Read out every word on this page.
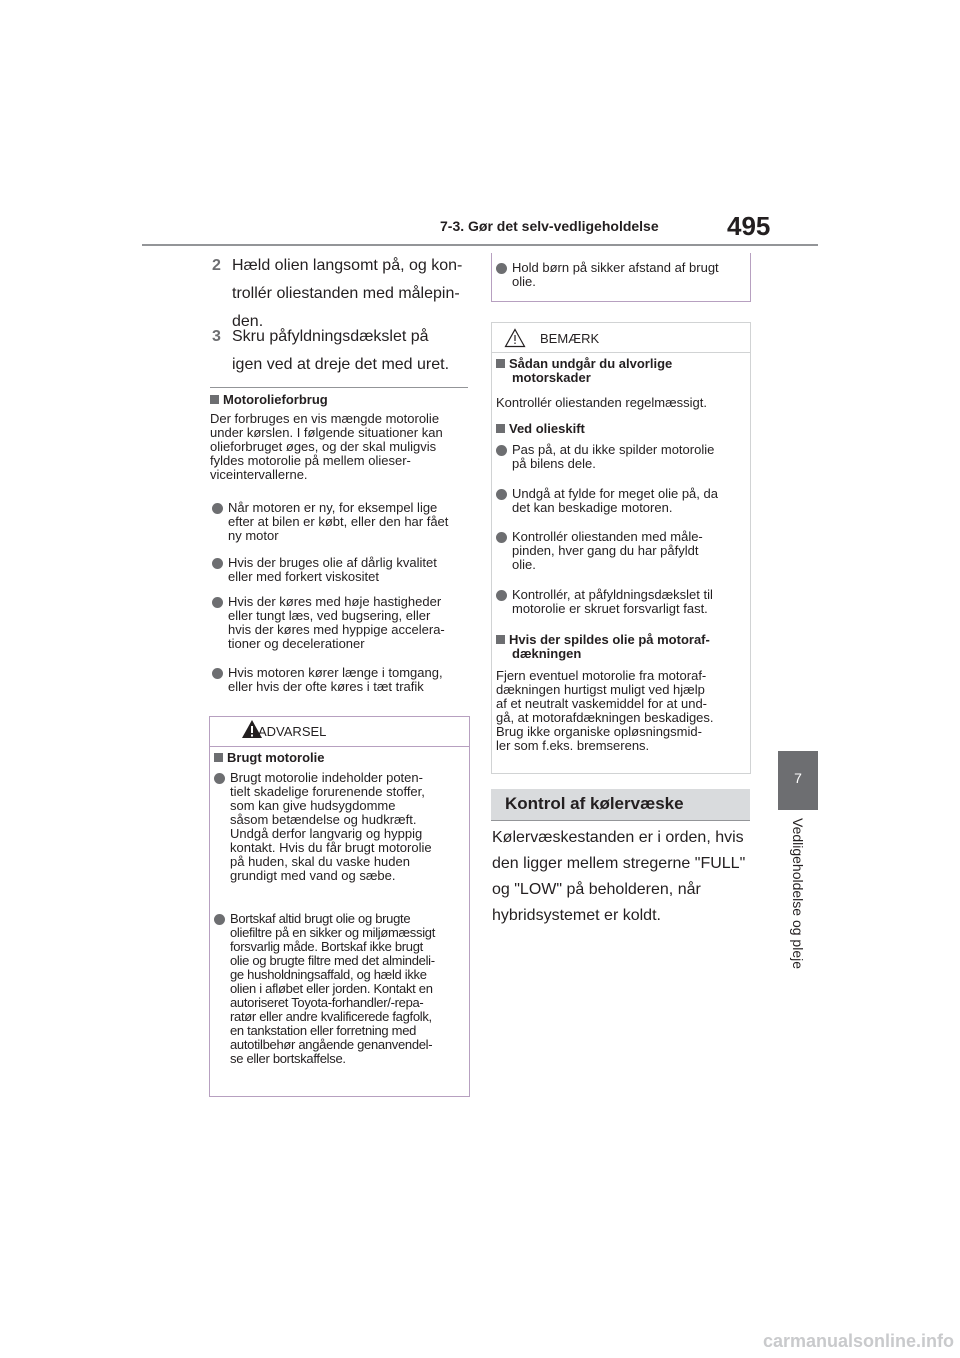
7-3. Gør det selv-vedligeholdelse	495
7
Vedligeholdelse og pleje
2 Hæld olien langsomt på, og kon-
trollér oliestanden med målepin-
den.
3 Skru påfyldningsdækslet på
igen ved at dreje det med uret.
Motorolieforbrug
Der forbruges en vis mængde motorolie
under kørslen. I følgende situationer kan
olieforbruget øges, og der skal muligvis
fyldes motorolie på mellem olieser-
viceintervallerne.
Når motoren er ny, for eksempel lige
efter at bilen er købt, eller den har fået
ny motor
Hvis der bruges olie af dårlig kvalitet
eller med forkert viskositet
Hvis der køres med høje hastigheder
eller tungt læs, ved bugsering, eller
hvis der køres med hyppige accelera-
tioner og decelerationer
Hvis motoren kører længe i tomgang,
eller hvis der ofte køres i tæt trafik
ADVARSEL
Brugt motorolie
Brugt motorolie indeholder poten-
tielt skadelige forurenende stoffer,
som kan give hudsygdomme
såsom betændelse og hudkræft.
Undgå derfor langvarig og hyppig
kontakt. Hvis du får brugt motorolie
på huden, skal du vaske huden
grundigt med vand og sæbe.
Bortskaf altid brugt olie og brugte
oliefiltre på en sikker og miljømæssigt
forsvarlig måde. Bortskaf ikke brugt
olie og brugte filtre med det almindeli-
ge husholdningsaffald, og hæld ikke
olien i afløbet eller jorden. Kontakt en
autoriseret Toyota-forhandler/-repa-
ratør eller andre kvalificerede fagfolk,
en tankstation eller forretning med
autotilbehør angående genanvendel-
se eller bortskaffelse.
Hold børn på sikker afstand af brugt
olie.
BEMÆRK
Sådan undgår du alvorlige
motorskader
Kontrollér oliestanden regelmæssigt.
Ved olieskift
Pas på, at du ikke spilder motorolie
på bilens dele.
Undgå at fylde for meget olie på, da
det kan beskadige motoren.
Kontrollér oliestanden med måle-
pinden, hver gang du har påfyldt
olie.
Kontrollér, at påfyldningsdækslet til
motorolie er skruet forsvarligt fast.
Hvis der spildes olie på motoraf-
dækningen
Fjern eventuel motorolie fra motoraf-
dækningen hurtigst muligt ved hjælp
af et neutralt vaskemiddel for at und-
gå, at motorafdækningen beskadiges.
Brug ikke organiske opløsningsmid-
ler som f.eks. bremserens.
Kontrol af kølervæske
Kølervæskestanden er i orden, hvis
den ligger mellem stregerne "FULL"
og "LOW" på beholderen, når
hybridsystemet er koldt.
carmanualsonline.info
